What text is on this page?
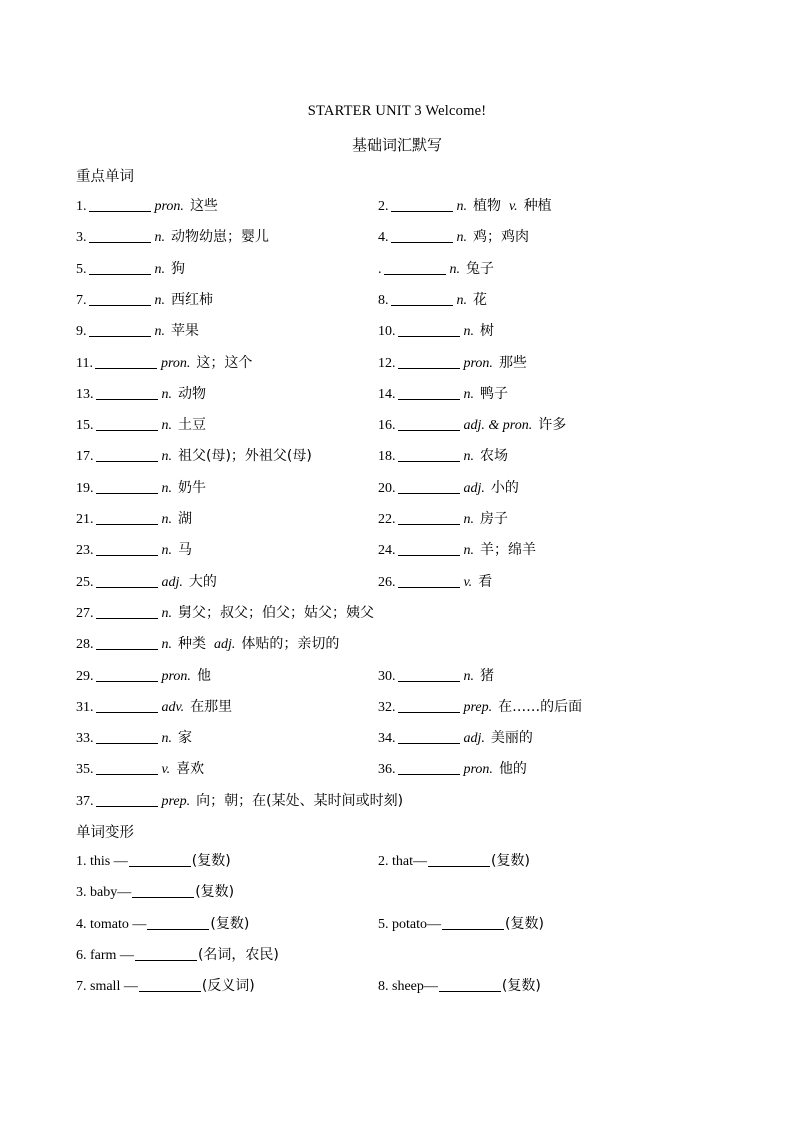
STARTER UNIT 3 Welcome!
基础词汇默写
重点单词
1.	pron. 这些	2.	n. 植物 v. 种植
3.	n. 动物幼崽；婴儿	4.	n. 鸡；鸡肉
5.	n. 狗	.	n. 兔子
7.	n. 西红柿	8.	n. 花
9.	n. 苹果	10.	n. 树
11.	pron. 这；这个	12.	pron. 那些
13.	n. 动物	14.	n. 鸭子
15.	n. 土豆	16.	adj. & pron. 许多
17.	n. 祖父(母)；外祖父(母)	18.	n. 农场
19.	n. 奶牛	20.	adj. 小的
21.	n. 湖	22.	n. 房子
23.	n. 马	24.	n. 羊；绵羊
25.	adj. 大的	26.	v. 看
27.	n. 舅父；叔父；伯父；姑父；姨父
28.	n. 种类 adj. 体贴的；亲切的
29.	pron. 他	30.	n. 猪
31.	adv. 在那里	32.	prep. 在……的后面
33.	n. 家	34.	adj. 美丽的
35.	v. 喜欢	36.	pron. 他的
37.	prep. 向；朝；在(某处、某时间或时刻)
单词变形
1. this —	(复数)	2. that—	(复数)
3. baby—	(复数)
4. tomato —	(复数)	5. potato—	(复数)
6. farm —	(名词，农民)
7. small —	(反义词)	8. sheep—	(复数)
